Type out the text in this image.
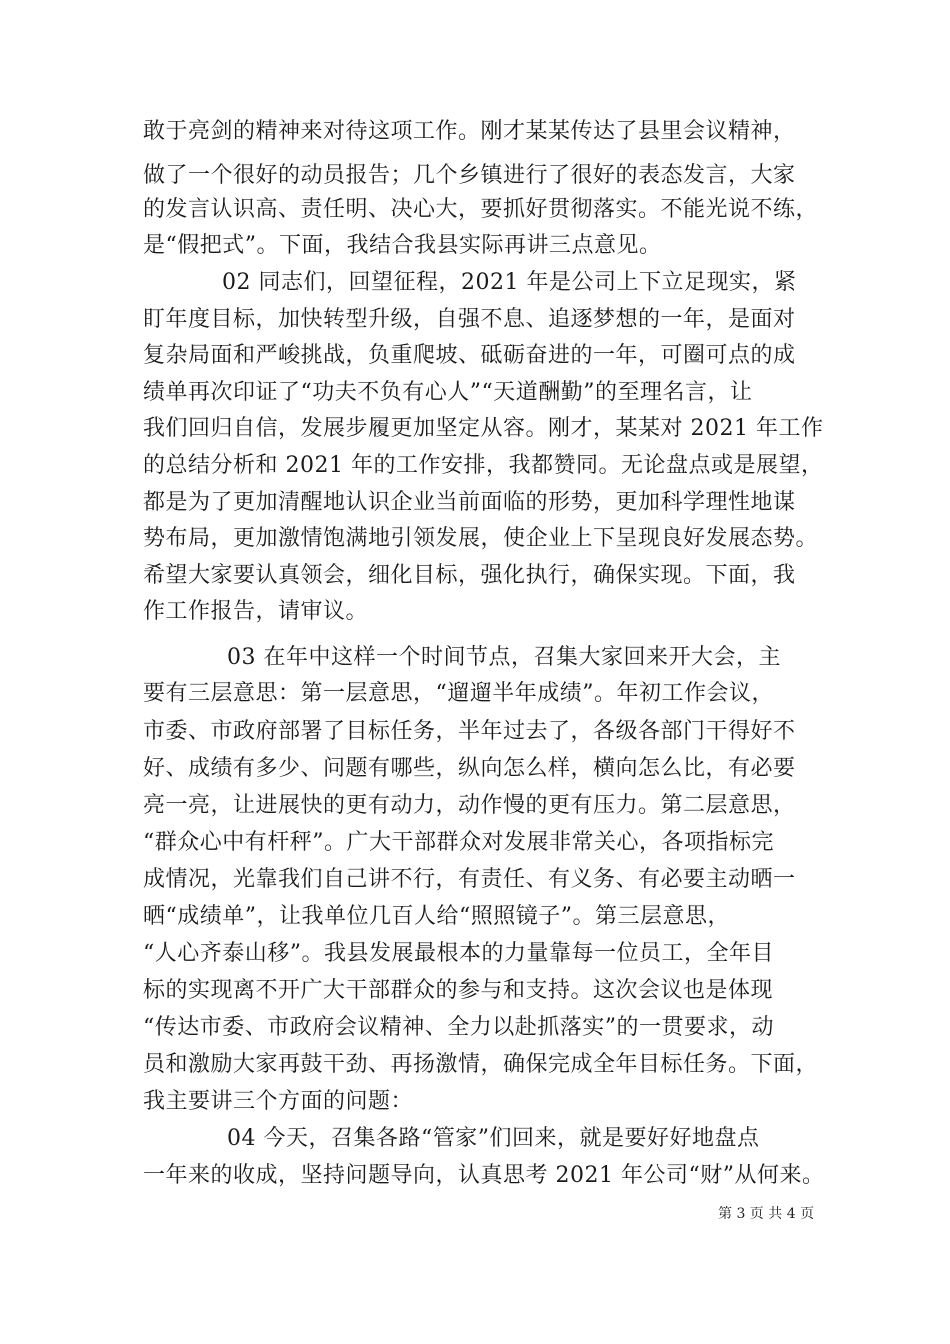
敢于亮剑的精神来对待这项工作。刚才某某传达了县里会议精神，
做了一个很好的动员报告；几个乡镇进行了很好的表态发言，大家
的发言认识高、责任明、决心大，要抓好贯彻落实。不能光说不练，
是“假把式”。下面，我结合我县实际再讲三点意见。
02 同志们，回望征程，2021 年是公司上下立足现实，紧
盯年度目标，加快转型升级，自强不息、追逐梦想的一年，是面对
复杂局面和严峻挑战，负重爬坡、砥砺奋进的一年，可圈可点的成
绩单再次印证了“功夫不负有心人”“天道酬勤”的至理名言，让
我们回归自信，发展步履更加坚定从容。刚才，某某对 2021 年工作
的总结分析和 2021 年的工作安排，我都赞同。无论盘点或是展望，
都是为了更加清醒地认识企业当前面临的形势，更加科学理性地谋
势布局，更加激情饱满地引领发展，使企业上下呈现良好发展态势。
希望大家要认真领会，细化目标，强化执行，确保实现。下面，我
作工作报告，请审议。
03 在年中这样一个时间节点，召集大家回来开大会，主
要有三层意思：第一层意思，“遛遛半年成绩”。年初工作会议，
市委、市政府部署了目标任务，半年过去了，各级各部门干得好不
好、成绩有多少、问题有哪些，纵向怎么样，横向怎么比，有必要
亮一亮，让进展快的更有动力，动作慢的更有压力。第二层意思，
“群众心中有杆秤”。广大干部群众对发展非常关心，各项指标完
成情况，光靠我们自己讲不行，有责任、有义务、有必要主动晒一
晒“成绩单”，让我单位几百人给“照照镜子”。第三层意思，
“人心齐泰山移”。我县发展最根本的力量靠每一位员工，全年目
标的实现离不开广大干部群众的参与和支持。这次会议也是体现
“传达市委、市政府会议精神、全力以赴抓落实”的一贯要求，动
员和激励大家再鼓干劲、再扬激情，确保完成全年目标任务。下面，
我主要讲三个方面的问题：
04 今天，召集各路“管家”们回来，就是要好好地盘点
一年来的收成，坚持问题导向，认真思考 2021 年公司“财”从何来。
第 3 页 共 4 页
